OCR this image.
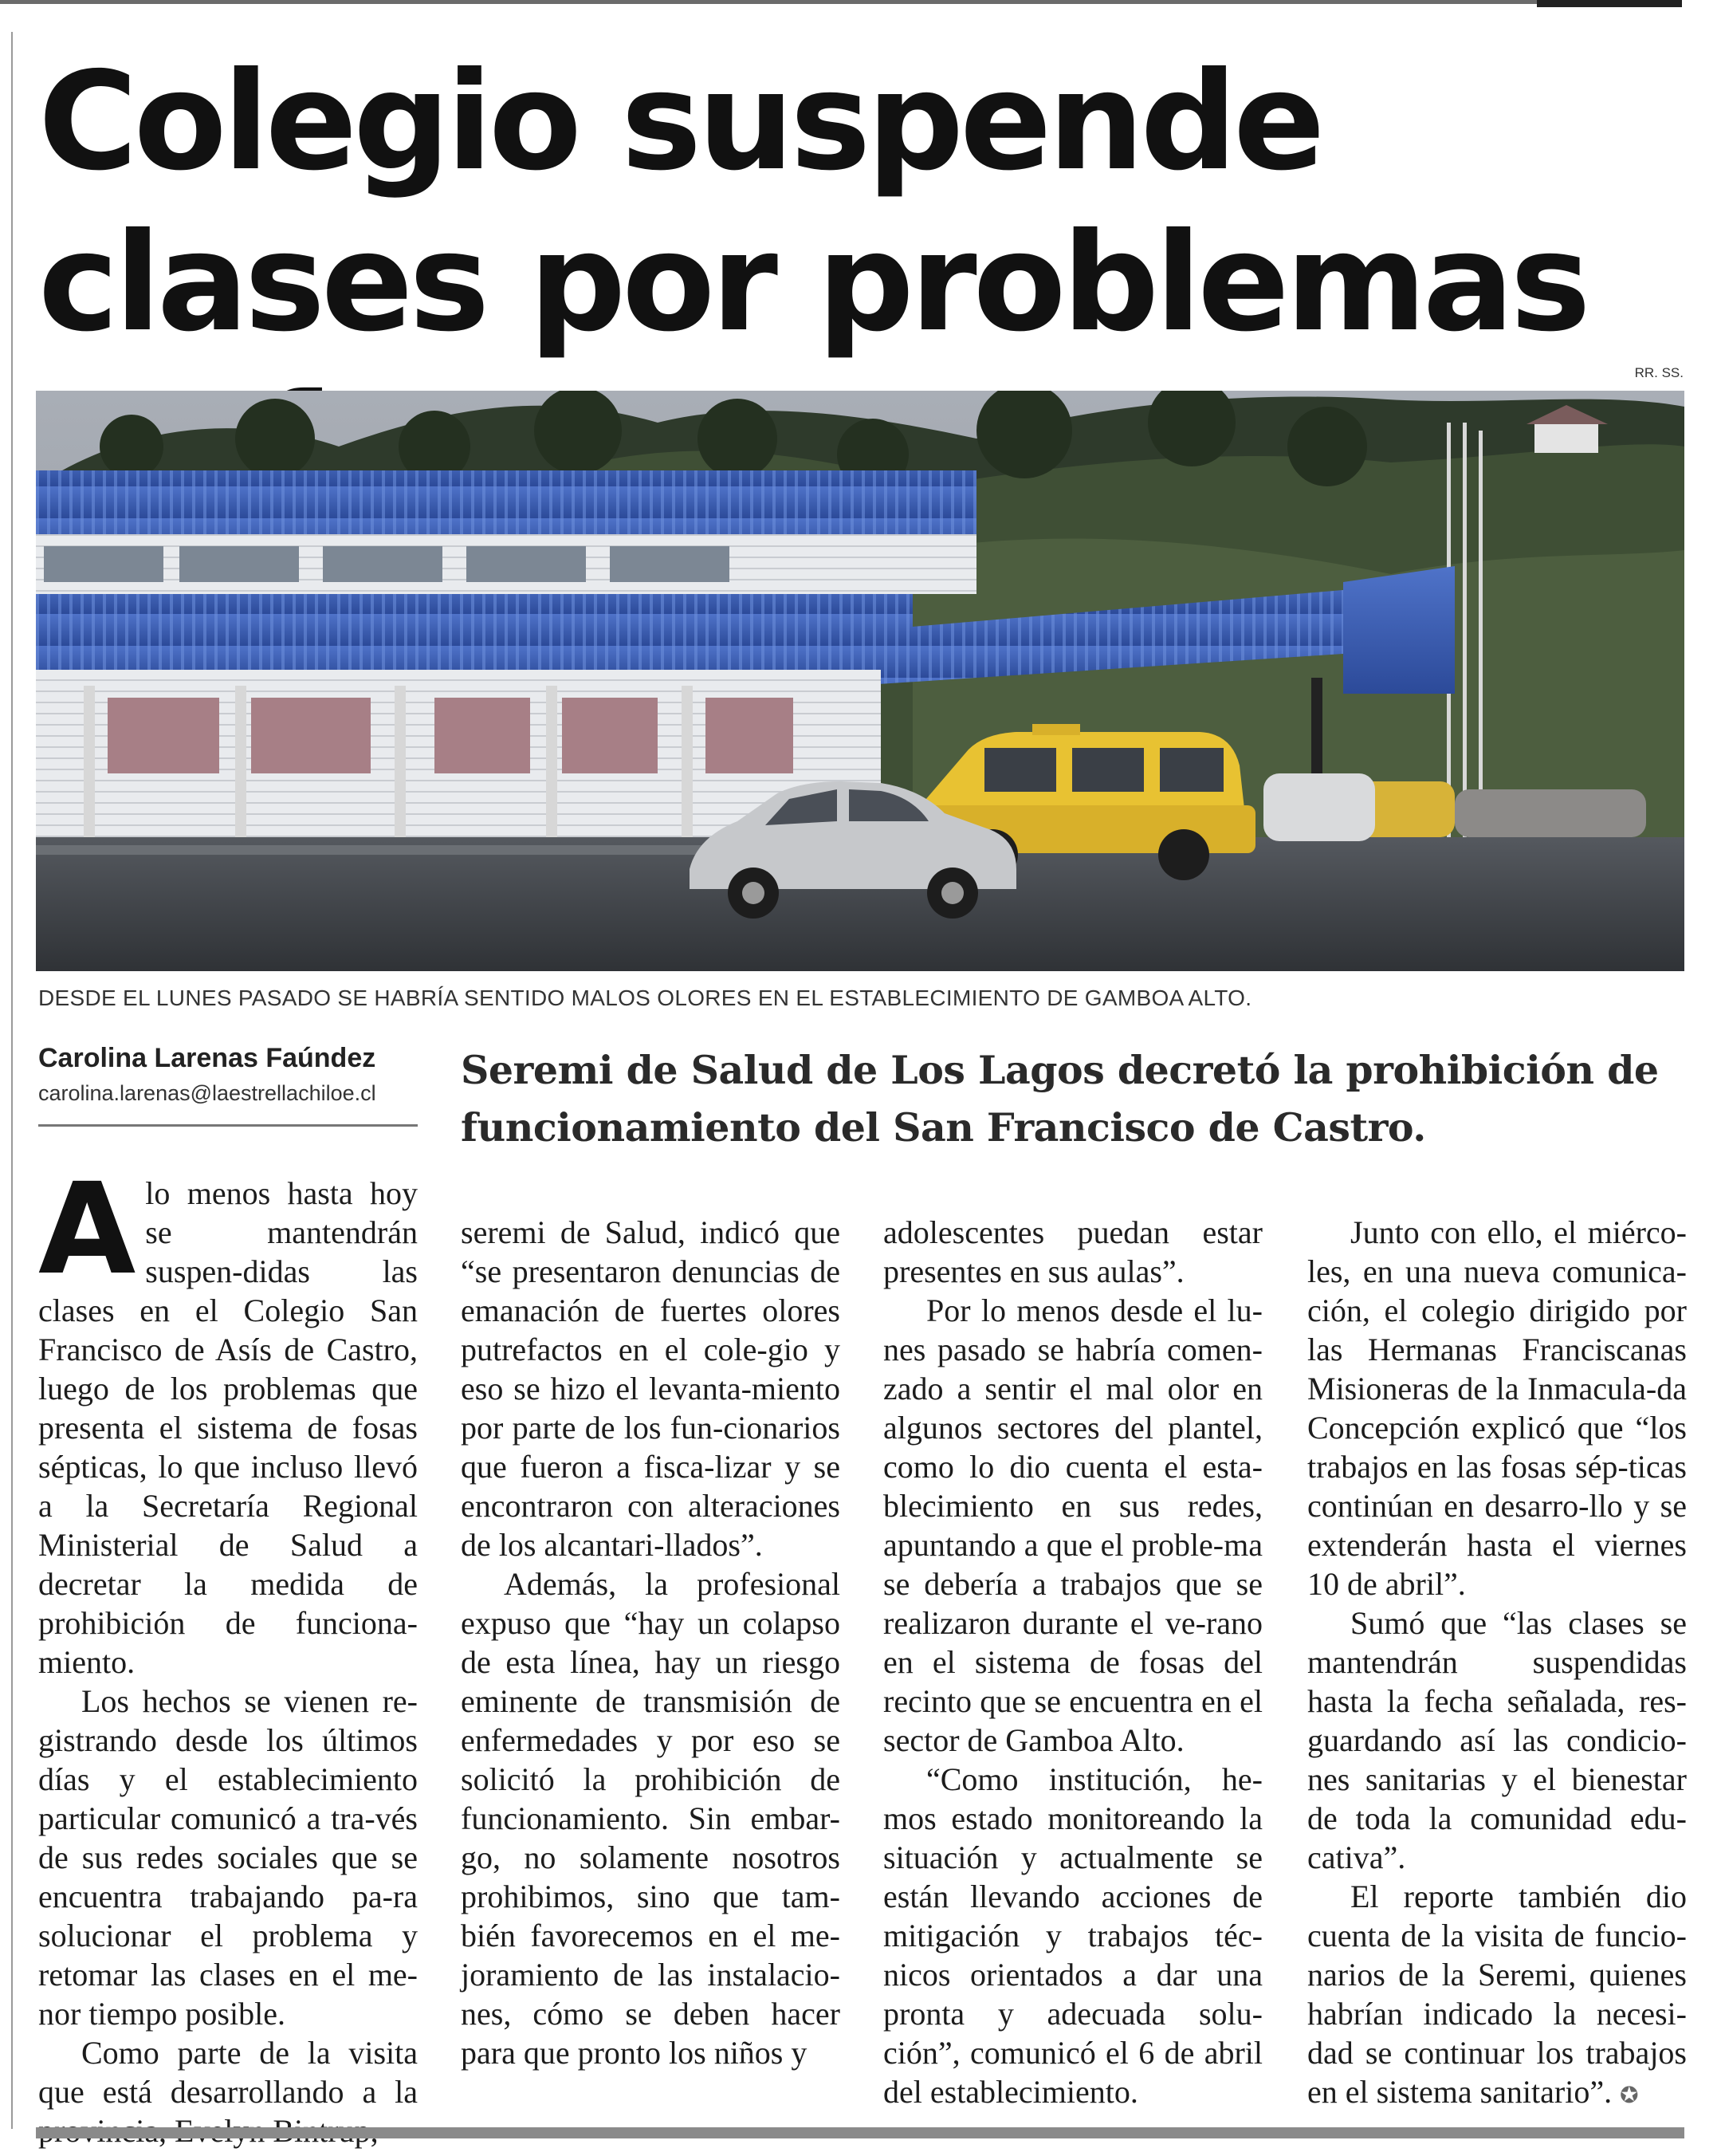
Colegio suspende clases por problemas
RR. SS.
DESDE EL LUNES PASADO SE HABRÍA SENTIDO MALOS OLORES EN EL ESTABLECIMIENTO DE GAMBOA ALTO.
Carolina Larenas Faúndez
carolina.larenas@laestrellachiloe.cl Seremi de Salud de Los Lagos decretó la prohibición de funcionamiento del San Francisco de Castro.

Alo menos hasta hoy se mantendrán suspen-didas las clases en el Colegio San Francisco de Asís de Castro, luego de los problemas que presenta el sistema de fosas sépticas, lo que incluso llevó a la Secretaría Regional Ministerial de Salud a decretar la medida de prohibición de funciona-miento.

Los hechos se vienen re-gistrando desde los últimos días y el establecimiento particular comunicó a tra-vés de sus redes sociales que se encuentra trabajando pa-ra solucionar el problema y retomar las clases en el me-nor tiempo posible.

Como parte de la visita que está desarrollando a la

seremi de Salud, indicó que “se presentaron denuncias de emanación de fuertes olores putrefactos en el cole-gio y eso se hizo el levanta-miento por parte de los fun-cionarios que fueron a fisca-lizar y se encontraron con alteraciones de los alcantari-llados”.

Además, la profesional expuso que “hay un colapso de esta línea, hay un riesgo eminente de transmisión de enfermedades y por eso se solicitó la prohibición de funcionamiento. Sin embar-go, no solamente nosotros prohibimos, sino que tam-bién favorecemos en el me-joramiento de las instalacio-nes, cómo se deben hacer para que pronto los niños y

adolescentes puedan estar presentes en sus aulas”.

Por lo menos desde el lu-nes pasado se habría comen-zado a sentir el mal olor en algunos sectores del plantel, como lo dio cuenta el esta-blecimiento en sus redes, apuntando a que el proble-ma se debería a trabajos que se realizaron durante el ve-rano en el sistema de fosas del recinto que se encuentra en el sector de Gamboa Alto.

“Como institución, he-mos estado monitoreando la situación y actualmente se están llevando acciones de mitigación y trabajos téc-nicos orientados a dar una pronta y adecuada solu-ción”, comunicó el 6 de abril del establecimiento.

Junto con ello, el miérco-les, en una nueva comunica-ción, el colegio dirigido por las Hermanas Franciscanas Misioneras de la Inmacula-da Concepción explicó que “los trabajos en las fosas sép-ticas continúan en desarro-llo y se extenderán hasta el viernes 10 de abril”.

Sumó que “las clases se mantendrán suspendidas hasta la fecha señalada, res-guardando así las condicio-nes sanitarias y el bienestar de toda la comunidad edu-cativa”.

El reporte también dio cuenta de la visita de funcio-narios de la Seremi, quienes habrían indicado la necesi-dad se continuar los trabajos en el sistema sanitario”. ✪
